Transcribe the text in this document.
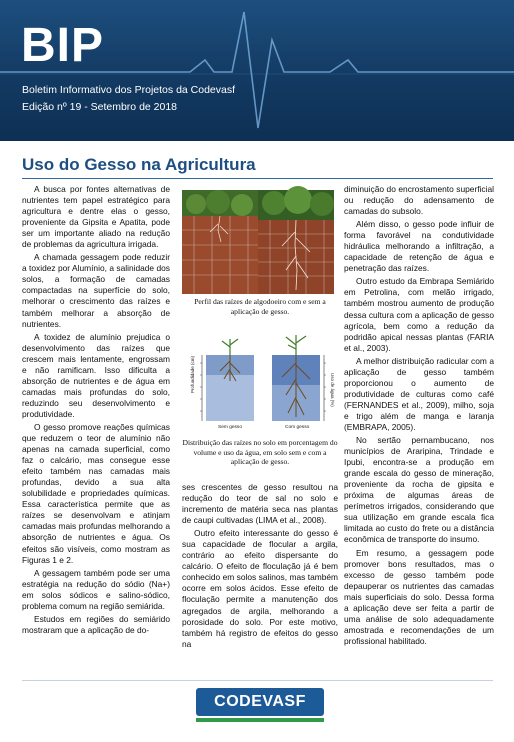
BIP
Boletim Informativo dos Projetos da Codevasf
Edição nº 19 - Setembro de 2018
Uso do Gesso na Agricultura

A busca por fontes alternativas de nutrientes tem papel estratégico para agricultura e dentre elas o gesso, proveniente da Gipsita e Apatita, pode ser um importante aliado na redução de problemas da agricultura irrigada.

A chamada gessagem pode reduzir a toxidez por Alumínio, a salinidade dos solos, a formação de camadas compactadas na superfície do solo, melhorar o crescimento das raízes e também melhorar a absorção de nutrientes.

A toxidez de alumínio prejudica o desenvolvimento das raízes que crescem mais lentamente, engrossam e não ramificam. Isso dificulta a absorção de nutrientes e de água em camadas mais profundas do solo, reduzindo seu desenvolvimento e produtividade.

O gesso promove reações químicas que reduzem o teor de alumínio não apenas na camada superficial, como faz o calcário, mas consegue esse efeito também nas camadas mais profundas, devido a sua alta solubilidade e propriedades químicas. Essa característica permite que as raízes se desenvolvam e atinjam camadas mais profundas melhorando a absorção de nutrientes e água. Os efeitos são visíveis, como mostram as Figuras 1 e 2.

A gessagem também pode ser uma estratégia na redução do sódio (Na+) em solos sódicos e salino-sódico, problema comum na região semiárida.

Estudos em regiões do semiárido mostraram que a aplicação de do-

Perfil das raízes de algodoeiro com e sem a aplicação de gesso.
Profundidade (cm)	Uso de água (%)
Sem gesso	Com gesso
Distribuição das raízes no solo em porcentagem do volume e uso da água, em solo sem e com a aplicação de gesso.

ses crescentes de gesso resultou na redução do teor de sal no solo e incremento de matéria seca nas plantas de caupi cultivadas (LIMA et al., 2008).

Outro efeito interessante do gesso é sua capacidade de flocular a argila, contrário ao efeito dispersante do calcário. O efeito de floculação já é bem conhecido em solos salinos, mas também ocorre em solos ácidos. Esse efeito de floculação permite a manutenção dos agregados de argila, melhorando a porosidade do solo. Por este motivo, também há registro de efeitos do gesso na

diminuição do encrostamento superficial ou redução do adensamento de camadas do subsolo.

Além disso, o gesso pode influir de forma favorável na condutividade hidráulica melhorando a infiltração, a capacidade de retenção de água e penetração das raízes.

Outro estudo da Embrapa Semiárido em Petrolina, com melão irrigado, também mostrou aumento de produção dessa cultura com a aplicação de gesso agrícola, bem como a redução da podridão apical nessas plantas (FARIA et al., 2003).

A melhor distribuição radicular com a aplicação de gesso também proporcionou o aumento de produtividade de culturas como café (FERNANDES et al., 2009), milho, soja e trigo além de manga e laranja (EMBRAPA, 2005).

No sertão pernambucano, nos municípios de Araripina, Trindade e Ipubi, encontra-se a produção em grande escala do gesso de mineração, proveniente da rocha de gipsita e próxima de algumas áreas de perímetros irrigados, considerando que sua utilização em grande escala fica limitada ao custo do frete ou a distância econômica de transporte do insumo.

Em resumo, a gessagem pode promover bons resultados, mas o excesso de gesso também pode depauperar os nutrientes das camadas mais superficiais do solo. Dessa forma a aplicação deve ser feita a partir de uma análise de solo adequadamente amostrada e recomendações de um profissional habilitado.

CODEVASF
